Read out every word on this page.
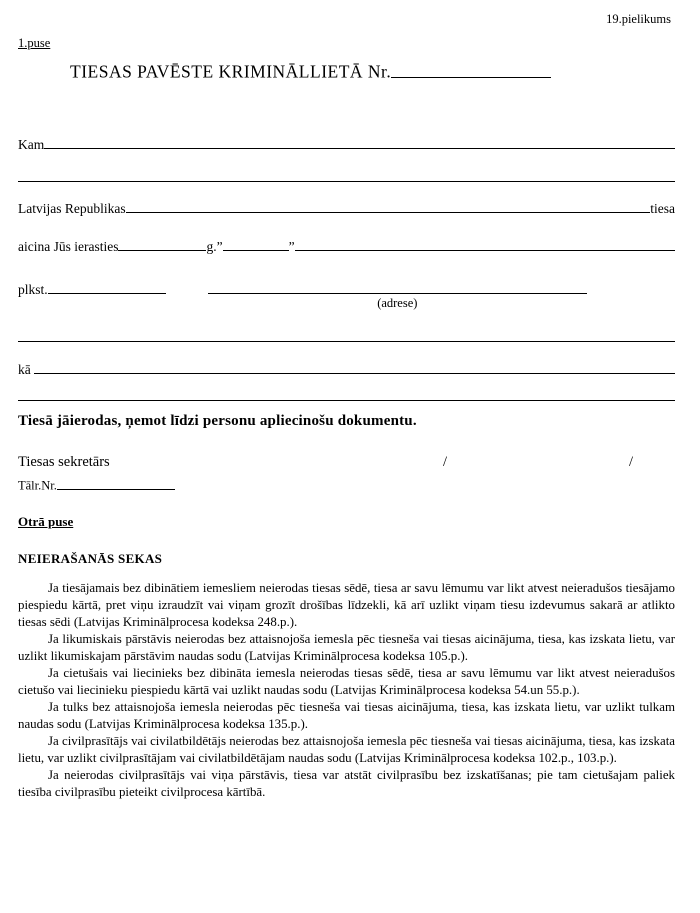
19.pielikums
1.puse
TIESAS PAVĒSTE KRIMINĀLLIETĀ Nr.
Kam
Latvijas Republikas	tiesa
aicina Jūs ierasties	g.”	”
plkst.
(adrese)
kā

Tiesā jāierodas, ņemot līdzi personu apliecinošu dokumentu.
Tiesas sekretārs	/	/
Tālr.Nr.
Otrā puse
NEIERAŠANĀS SEKAS

Ja tiesājamais bez dibinātiem iemesliem neierodas tiesas sēdē, tiesa ar savu lēmumu var likt atvest neieradušos tiesājamo piespiedu kārtā, pret viņu izraudzīt vai viņam grozīt drošības līdzekli, kā arī uzlikt viņam tiesu izdevumus sakarā ar atlikto tiesas sēdi (Latvijas Kriminālprocesa kodeksa 248.p.).

Ja likumiskais pārstāvis neierodas bez attaisnojoša iemesla pēc tiesneša vai tiesas aicinājuma, tiesa, kas izskata lietu, var uzlikt likumiskajam pārstāvim naudas sodu (Latvijas Kriminālprocesa kodeksa 105.p.).

Ja cietušais vai liecinieks bez dibināta iemesla neierodas tiesas sēdē, tiesa ar savu lēmumu var likt atvest neieradušos cietušo vai liecinieku piespiedu kārtā vai uzlikt naudas sodu (Latvijas Kriminālprocesa kodeksa 54.un 55.p.).

Ja tulks bez attaisnojoša iemesla neierodas pēc tiesneša vai tiesas aicinājuma, tiesa, kas izskata lietu, var uzlikt tulkam naudas sodu (Latvijas Kriminālprocesa kodeksa 135.p.).

Ja civilprasītājs vai civilatbildētājs neierodas bez attaisnojoša iemesla pēc tiesneša vai tiesas aicinājuma, tiesa, kas izskata lietu, var uzlikt civilprasītājam vai civilatbildētājam naudas sodu (Latvijas Kriminālprocesa kodeksa 102.p., 103.p.).

Ja neierodas civilprasītājs vai viņa pārstāvis, tiesa var atstāt civilprasību bez izskatīšanas; pie tam cietušajam paliek tiesība civilprasību pieteikt civilprocesa kārtībā.
